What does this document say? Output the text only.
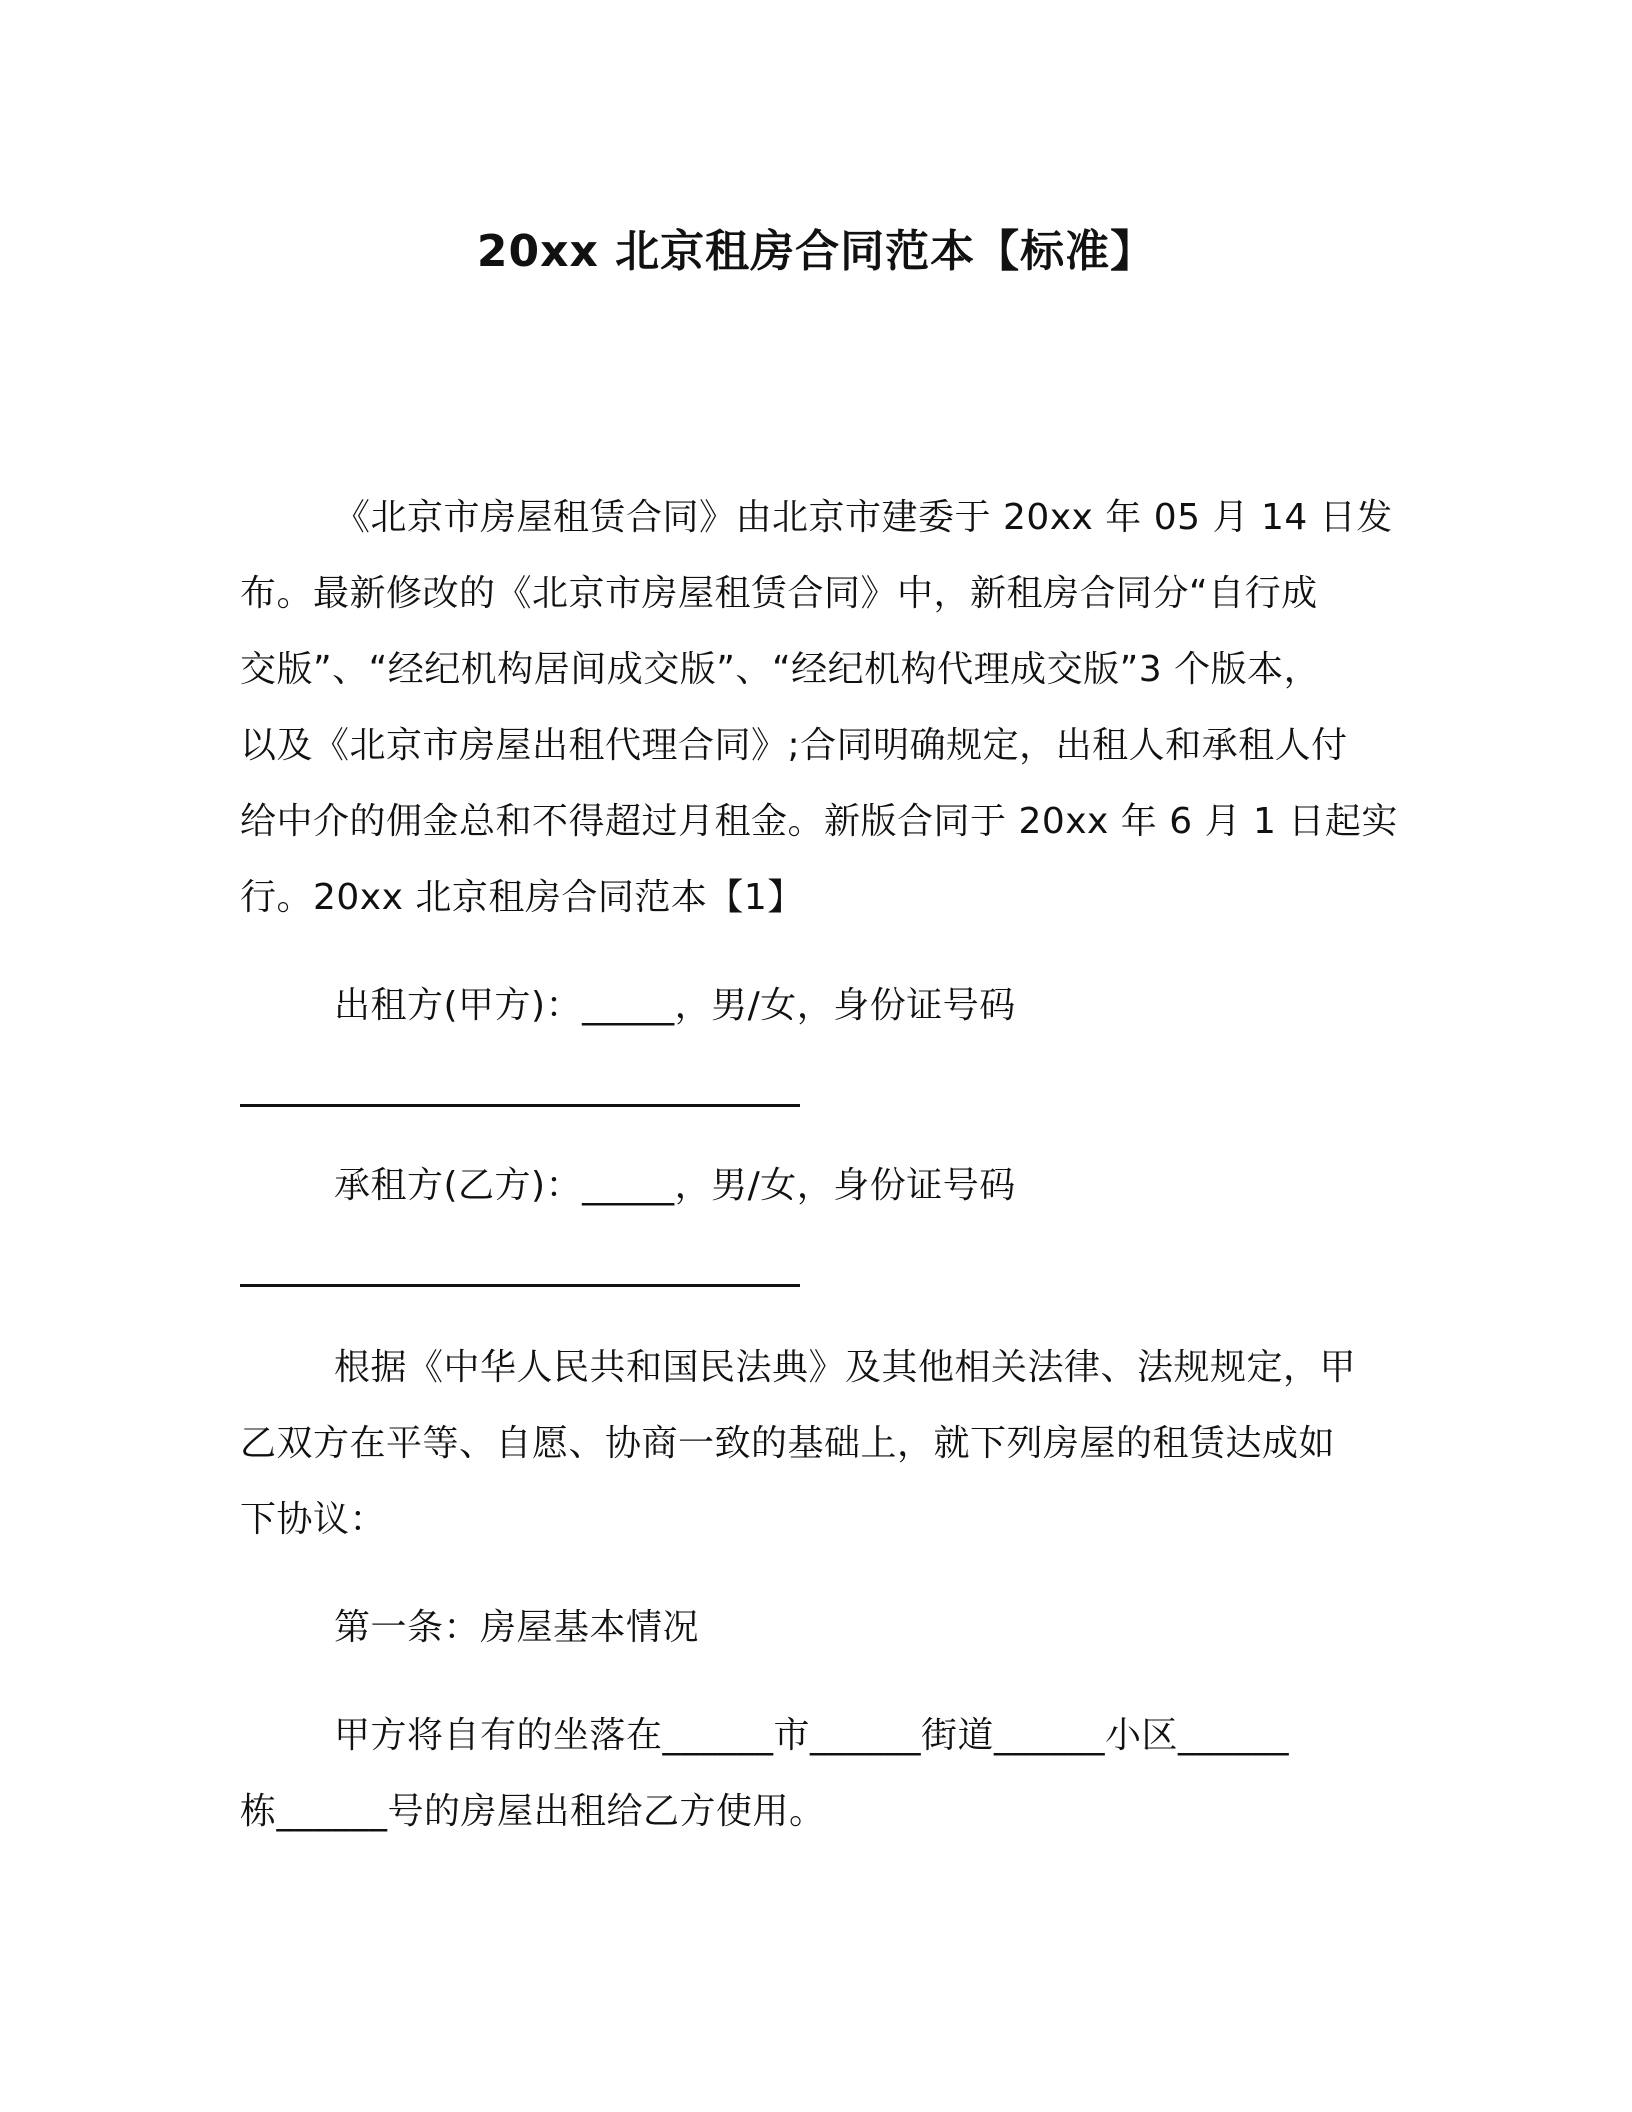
20xx 北京租房合同范本【标准】
《北京市房屋租赁合同》由北京市建委于 20xx 年 05 月 14 日发
布。最新修改的《北京市房屋租赁合同》中，新租房合同分“自行成
交版”、“经纪机构居间成交版”、“经纪机构代理成交版”3 个版本，
以及《北京市房屋出租代理合同》;合同明确规定，出租人和承租人付
给中介的佣金总和不得超过月租金。新版合同于 20xx 年 6 月 1 日起实
行。20xx 北京租房合同范本【1】
出租方(甲方)：_____，男/女，身份证号码
承租方(乙方)：_____，男/女，身份证号码
根据《中华人民共和国民法典》及其他相关法律、法规规定，甲
乙双方在平等、自愿、协商一致的基础上，就下列房屋的租赁达成如
下协议：
第一条：房屋基本情况
甲方将自有的坐落在______市______街道______小区______
栋______号的房屋出租给乙方使用。
